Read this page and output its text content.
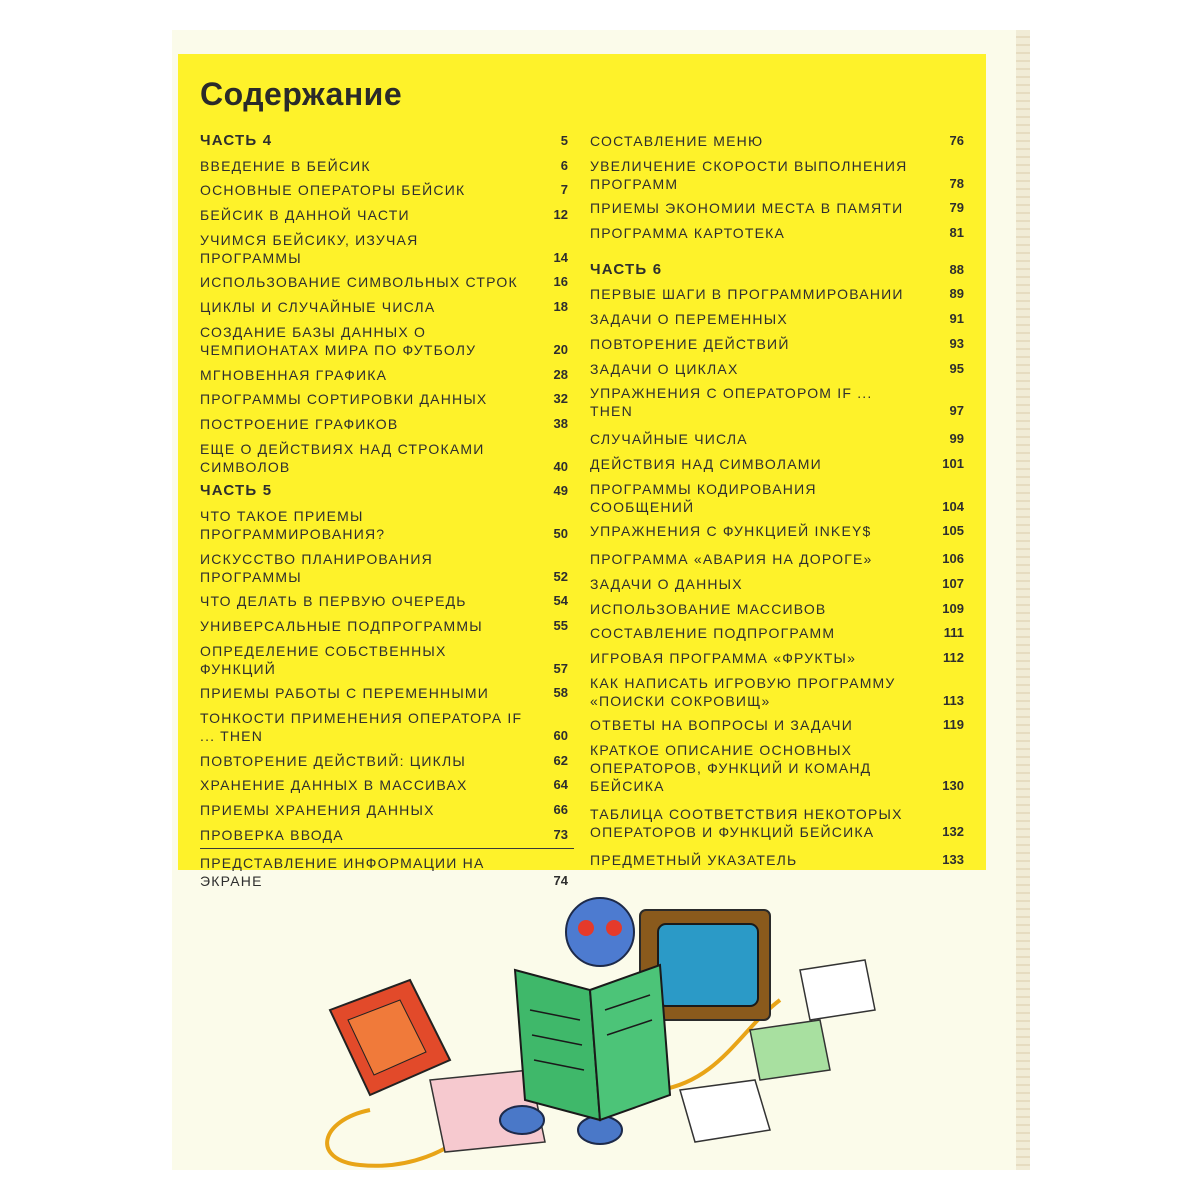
Содержание
ЧАСТЬ 4	5
ВВЕДЕНИЕ В БЕЙСИК	6
ОСНОВНЫЕ ОПЕРАТОРЫ БЕЙСИК	7
БЕЙСИК В ДАННОЙ ЧАСТИ	12
УЧИМСЯ БЕЙСИКУ, ИЗУЧАЯ ПРОГРАММЫ	14
ИСПОЛЬЗОВАНИЕ СИМВОЛЬНЫХ СТРОК	16
ЦИКЛЫ И СЛУЧАЙНЫЕ ЧИСЛА	18
СОЗДАНИЕ БАЗЫ ДАННЫХ О ЧЕМПИОНАТАХ МИРА ПО ФУТБОЛУ	20
МГНОВЕННАЯ ГРАФИКА	28
ПРОГРАММЫ СОРТИРОВКИ ДАННЫХ	32
ПОСТРОЕНИЕ ГРАФИКОВ	38
ЕЩЕ О ДЕЙСТВИЯХ НАД СТРОКАМИ СИМВОЛОВ	40
ЧАСТЬ 5	49
ЧТО ТАКОЕ ПРИЕМЫ ПРОГРАММИРОВАНИЯ?	50
ИСКУССТВО ПЛАНИРОВАНИЯ ПРОГРАММЫ	52
ЧТО ДЕЛАТЬ В ПЕРВУЮ ОЧЕРЕДЬ	54
УНИВЕРСАЛЬНЫЕ ПОДПРОГРАММЫ	55
ОПРЕДЕЛЕНИЕ СОБСТВЕННЫХ ФУНКЦИЙ	57
ПРИЕМЫ РАБОТЫ С ПЕРЕМЕННЫМИ	58
ТОНКОСТИ ПРИМЕНЕНИЯ ОПЕРАТОРА IF ... THEN	60
ПОВТОРЕНИЕ ДЕЙСТВИЙ: ЦИКЛЫ	62
ХРАНЕНИЕ ДАННЫХ В МАССИВАХ	64
ПРИЕМЫ ХРАНЕНИЯ ДАННЫХ	66
ПРОВЕРКА ВВОДА	73
ПРЕДСТАВЛЕНИЕ ИНФОРМАЦИИ НА ЭКРАНЕ	74
СОСТАВЛЕНИЕ МЕНЮ	76
УВЕЛИЧЕНИЕ СКОРОСТИ ВЫПОЛНЕНИЯ ПРОГРАММ	78
ПРИЕМЫ ЭКОНОМИИ МЕСТА В ПАМЯТИ	79
ПРОГРАММА КАРТОТЕКА	81
ЧАСТЬ 6	88
ПЕРВЫЕ ШАГИ В ПРОГРАММИРОВАНИИ	89
ЗАДАЧИ О ПЕРЕМЕННЫХ	91
ПОВТОРЕНИЕ ДЕЙСТВИЙ	93
ЗАДАЧИ О ЦИКЛАХ	95
УПРАЖНЕНИЯ С ОПЕРАТОРОМ IF ... THEN	97
СЛУЧАЙНЫЕ ЧИСЛА	99
ДЕЙСТВИЯ НАД СИМВОЛАМИ	101
ПРОГРАММЫ КОДИРОВАНИЯ СООБЩЕНИЙ	104
УПРАЖНЕНИЯ С ФУНКЦИЕЙ INKEY$	105
ПРОГРАММА «АВАРИЯ НА ДОРОГЕ»	106
ЗАДАЧИ О ДАННЫХ	107
ИСПОЛЬЗОВАНИЕ МАССИВОВ	109
СОСТАВЛЕНИЕ ПОДПРОГРАММ	111
ИГРОВАЯ ПРОГРАММА «ФРУКТЫ»	112
КАК НАПИСАТЬ ИГРОВУЮ ПРОГРАММУ «ПОИСКИ СОКРОВИЩ»	113
ОТВЕТЫ НА ВОПРОСЫ И ЗАДАЧИ	119
КРАТКОЕ ОПИСАНИЕ ОСНОВНЫХ ОПЕРАТОРОВ, ФУНКЦИЙ И КОМАНД БЕЙСИКА	130
ТАБЛИЦА СООТВЕТСТВИЯ НЕКОТОРЫХ ОПЕРАТОРОВ И ФУНКЦИЙ БЕЙСИКА	132
ПРЕДМЕТНЫЙ УКАЗАТЕЛЬ	133
